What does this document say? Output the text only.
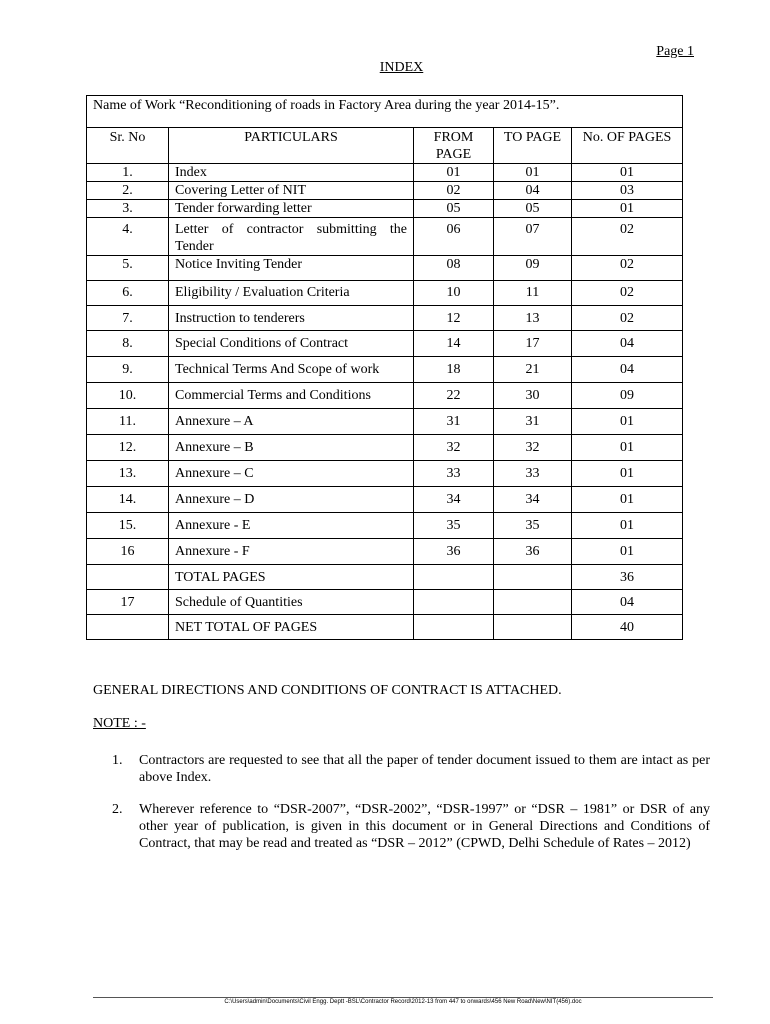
Page 1
INDEX
Name of Work “Reconditioning of roads in Factory Area during the year 2014-15”.				
Sr. No	PARTICULARS	FROM PAGE	TO PAGE	No. OF PAGES
1.	Index	01	01	01
2.	Covering Letter of NIT	02	04	03
3.	Tender forwarding letter	05	05	01
4.	Letter of contractor submitting the Tender	06	07	02
5.	Notice Inviting Tender	08	09	02
6.	Eligibility / Evaluation Criteria	10	11	02
7.	Instruction to tenderers	12	13	02
8.	Special Conditions of Contract	14	17	04
9.	Technical Terms And Scope of work	18	21	04
10.	Commercial Terms and Conditions	22	30	09
11.	Annexure – A	31	31	01
12.	Annexure – B	32	32	01
13.	Annexure – C	33	33	01
14.	Annexure – D	34	34	01
15.	Annexure - E	35	35	01
16	Annexure - F	36	36	01
	TOTAL PAGES			36
17	Schedule of Quantities			04
	NET TOTAL OF PAGES			40
GENERAL DIRECTIONS AND CONDITIONS OF CONTRACT IS ATTACHED.
NOTE : -
1. Contractors are requested to see that all the paper of tender document issued to them are intact as per above Index.
2. Wherever reference to “DSR-2007”, “DSR-2002”, “DSR-1997” or “DSR – 1981” or DSR of any other year of publication, is given in this document or in General Directions and Conditions of Contract, that may be read and treated as “DSR – 2012” (CPWD, Delhi Schedule of Rates – 2012)
C:\Users\admin\Documents\Civil Engg. Deptt -BSL\Contractor Record\2012-13 from 447 to onwards\456 New Road\New\NIT(456).doc
